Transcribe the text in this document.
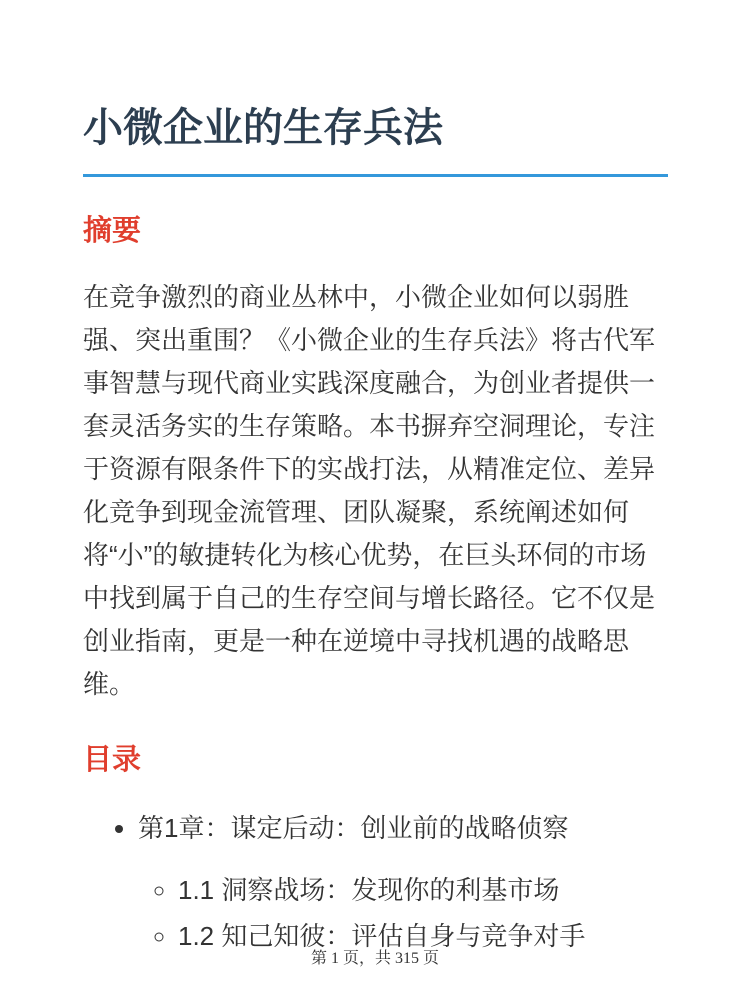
小微企业的生存兵法
摘要

在竞争激烈的商业丛林中，小微企业如何以弱胜强、突出重围？《小微企业的生存兵法》将古代军事智慧与现代商业实践深度融合，为创业者提供一套灵活务实的生存策略。本书摒弃空洞理论，专注于资源有限条件下的实战打法，从精准定位、差异化竞争到现金流管理、团队凝聚，系统阐述如何将“小”的敏捷转化为核心优势，在巨头环伺的市场中找到属于自己的生存空间与增长路径。它不仅是创业指南，更是一种在逆境中寻找机遇的战略思维。

目录
• 第1章：谋定后动：创业前的战略侦察
◦ 1.1 洞察战场：发现你的利基市场
◦ 1.2 知己知彼：评估自身与竞争对手
第 1 页，共 315 页
